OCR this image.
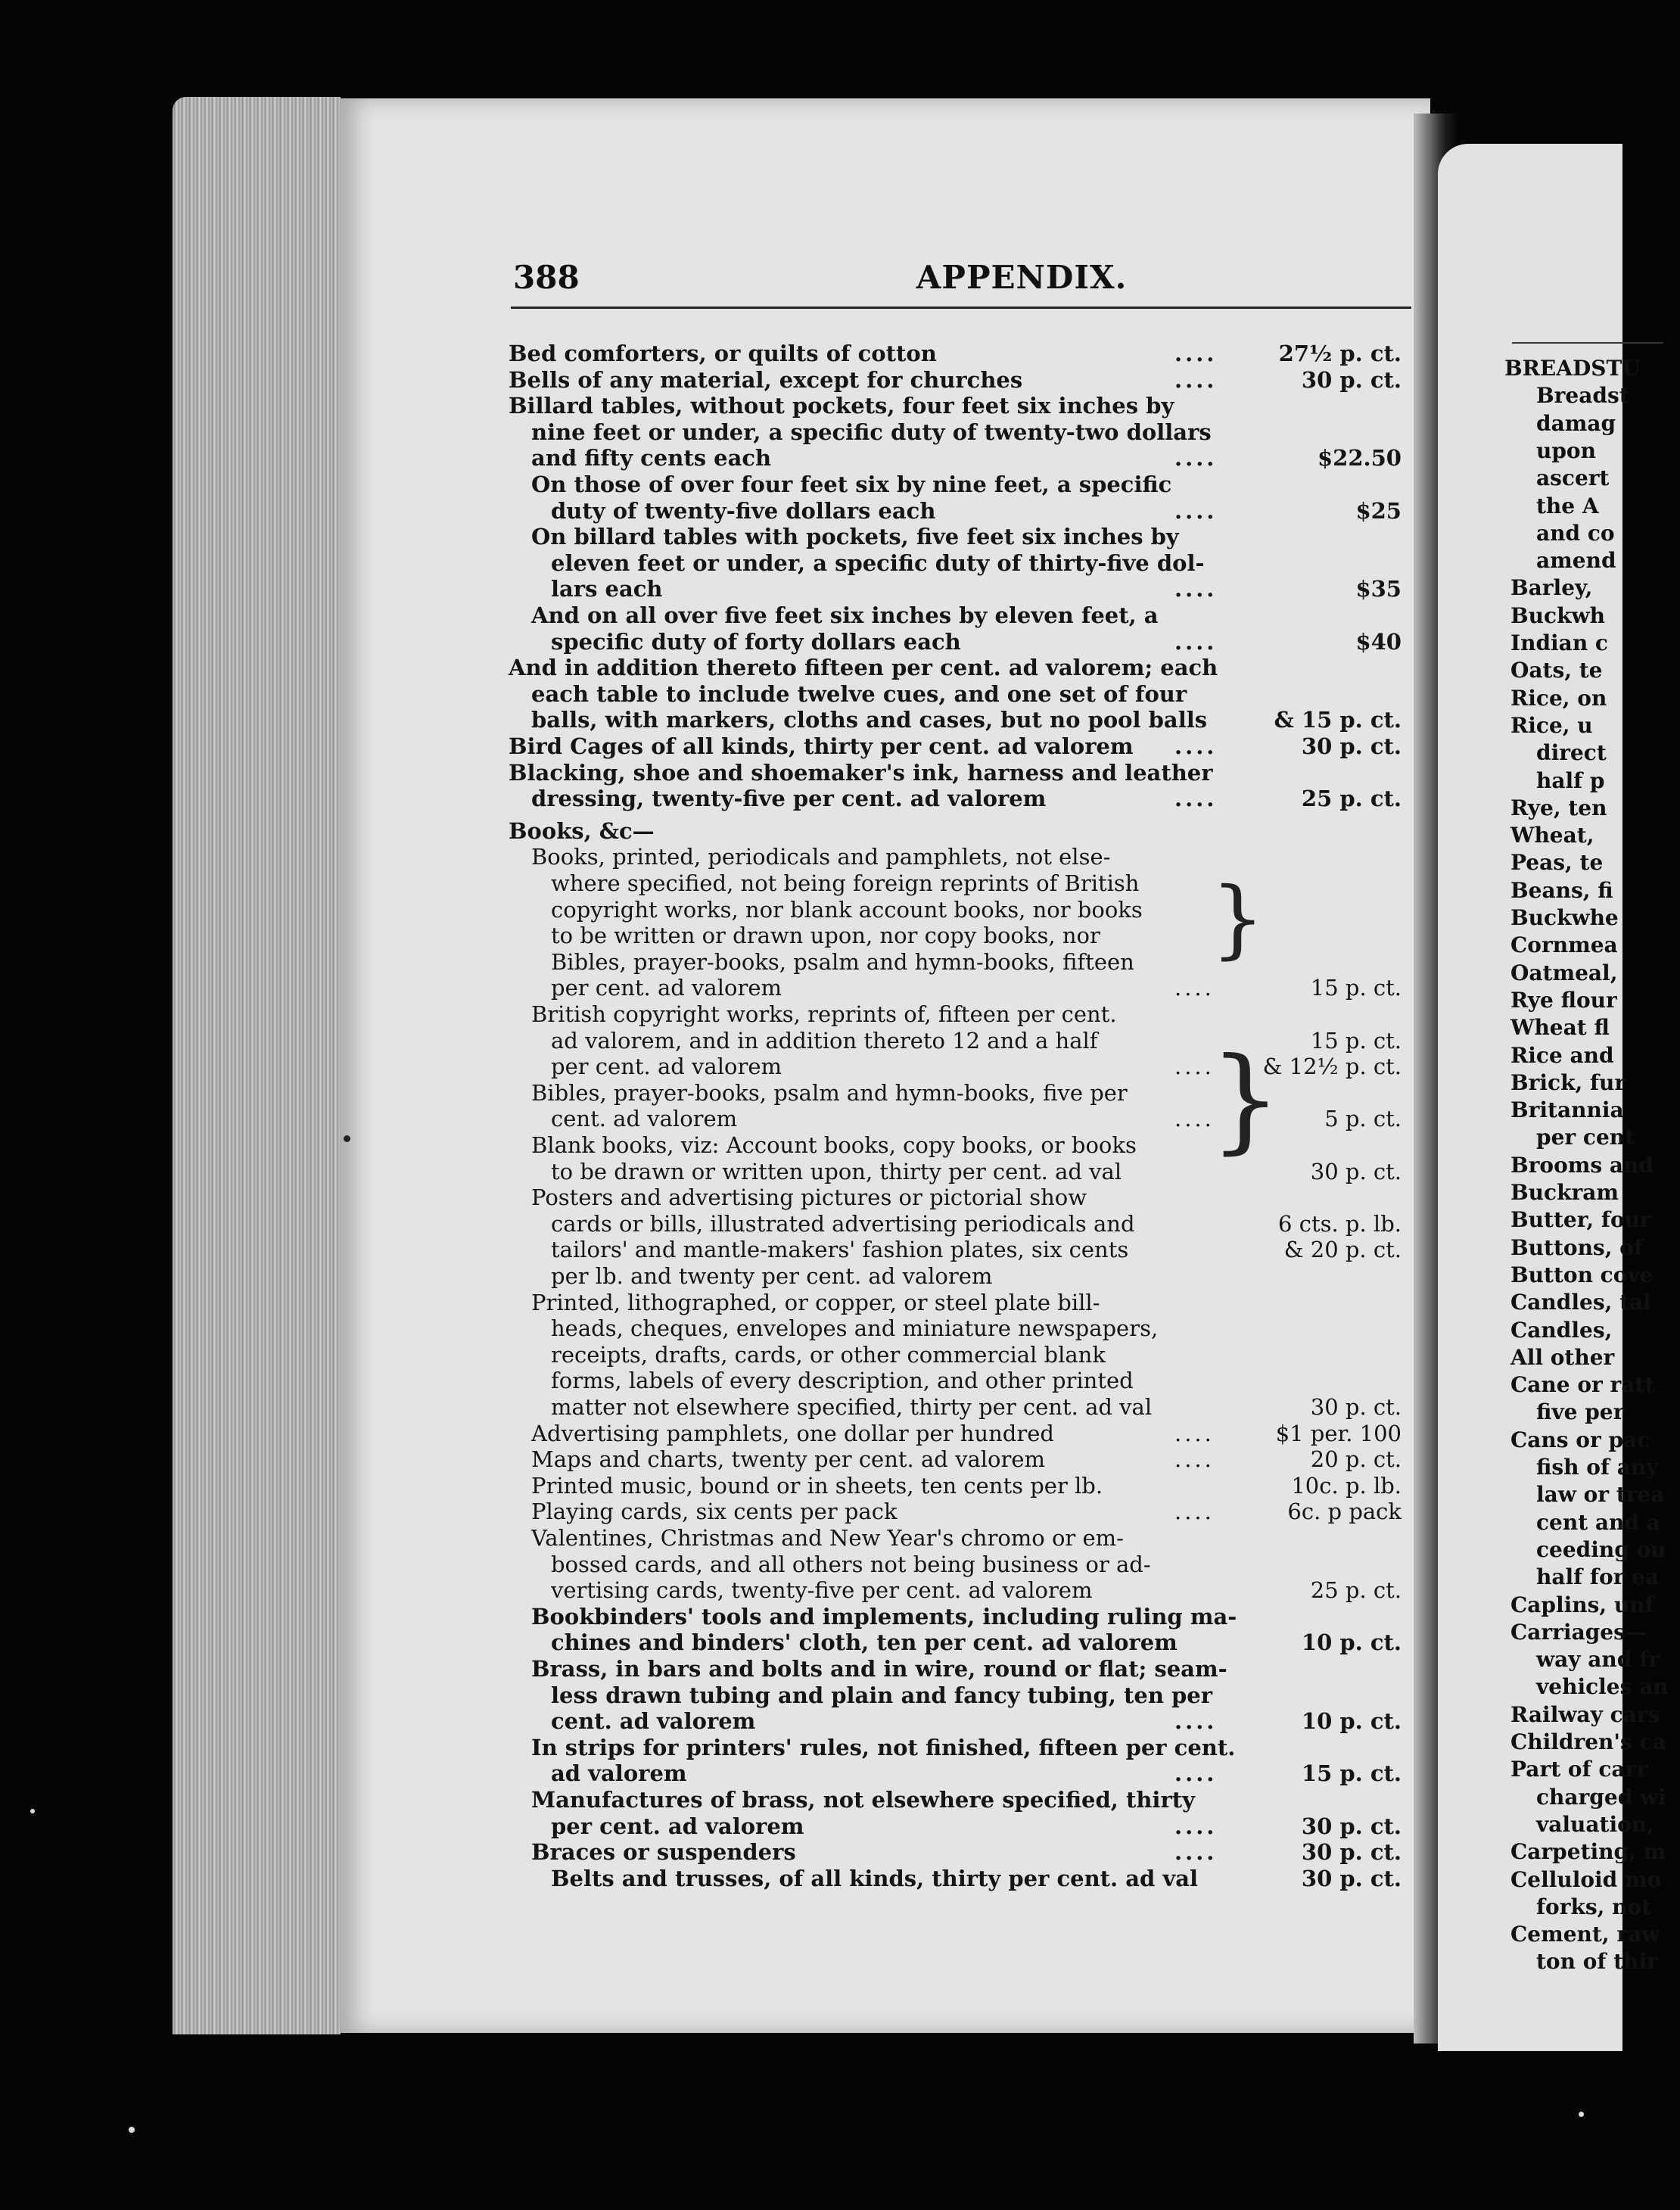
388	APPENDIX.
Bed comforters, or quilts of cotton	....	27½ p. ct.
Bells of any material, except for churches	....	30 p. ct.
Billard tables, without pockets, four feet six inches by
nine feet or under, a specific duty of twenty-two dollars
and fifty cents each	....	$22.50
On those of over four feet six by nine feet, a specific
duty of twenty-five dollars each	....	$25
On billard tables with pockets, five feet six inches by
eleven feet or under, a specific duty of thirty-five dol-
lars each	....	$35
And on all over five feet six inches by eleven feet, a
specific duty of forty dollars each	....	$40
And in addition thereto fifteen per cent. ad valorem; each
each table to include twelve cues, and one set of four
balls, with markers, cloths and cases, but no pool balls	& 15 p. ct.
Bird Cages of all kinds, thirty per cent. ad valorem ....	30 p. ct.
Blacking, shoe and shoemaker's ink, harness and leather
dressing, twenty-five per cent. ad valorem	....	25 p. ct.
Books, &c—
Books, printed, periodicals and pamphlets, not else-
where specified, not being foreign reprints of British
copyright works, nor blank account books, nor books
to be written or drawn upon, nor copy books, nor
Bibles, prayer-books, psalm and hymn-books, fifteen
per cent. ad valorem	....	15 p. ct.
British copyright works, reprints of, fifteen per cent.
ad valorem, and in addition thereto 12 and a half	15 p. ct.
per cent. ad valorem	.... & 12½ p. ct.
Bibles, prayer-books, psalm and hymn-books, five per
cent. ad valorem	....	5 p. ct.
Blank books, viz: Account books, copy books, or books
to be drawn or written upon, thirty per cent. ad val	30 p. ct.
Posters and advertising pictures or pictorial show
cards or bills, illustrated advertising periodicals and	6 cts. p. lb.
tailors' and mantle-makers' fashion plates, six cents	& 20 p. ct.
per lb. and twenty per cent. ad valorem
Printed, lithographed, or copper, or steel plate bill-
heads, cheques, envelopes and miniature newspapers,
receipts, drafts, cards, or other commercial blank
forms, labels of every description, and other printed
matter not elsewhere specified, thirty per cent. ad val	30 p. ct.
Advertising pamphlets, one dollar per hundred	....	$1 per. 100
Maps and charts, twenty per cent. ad valorem	....	20 p. ct.
Printed music, bound or in sheets, ten cents per lb.	10c. p. lb.
Playing cards, six cents per pack	....	6c. p pack
Valentines, Christmas and New Year's chromo or em-
bossed cards, and all others not being business or ad-
vertising cards, twenty-five per cent. ad valorem	25 p. ct.
Bookbinders' tools and implements, including ruling ma-
chines and binders' cloth, ten per cent. ad valorem	10 p. ct.
Brass, in bars and bolts and in wire, round or flat; seam-
less drawn tubing and plain and fancy tubing, ten per
cent. ad valorem	....	10 p. ct.
In strips for printers' rules, not finished, fifteen per cent.
ad valorem	....	15 p. ct.
Manufactures of brass, not elsewhere specified, thirty
per cent. ad valorem	....	30 p. ct.
Braces or suspenders	....	30 p. ct.
Belts and trusses, of all kinds, thirty per cent. ad val	30 p. ct.
}
}
BREADSTU
Breadst
damag
upon
ascert
the A
and co
amend
Barley,
Buckwh
Indian c
Oats, te
Rice, on
Rice, u
direct
half p
Rye, ten
Wheat,
Peas, te
Beans, fi
Buckwhe
Cornmea
Oatmeal,
Rye flour
Wheat fl
Rice and
Brick, fur
Britannia
per cent
Brooms and
Buckram
Butter, four
Buttons, of
Button cove
Candles, tal
Candles,
All other
Cane or ratt
five per
Cans or pac
fish of any
law or trea
cent and a
ceeding ou
half for ea
Caplins, unf
Carriages—
way and fr
vehicles an
Railway cars
Children's ca
Part of carr
charged wi
valuation,
Carpeting, m
Celluloid mo
forks, not
Cement, raw
ton of thir
